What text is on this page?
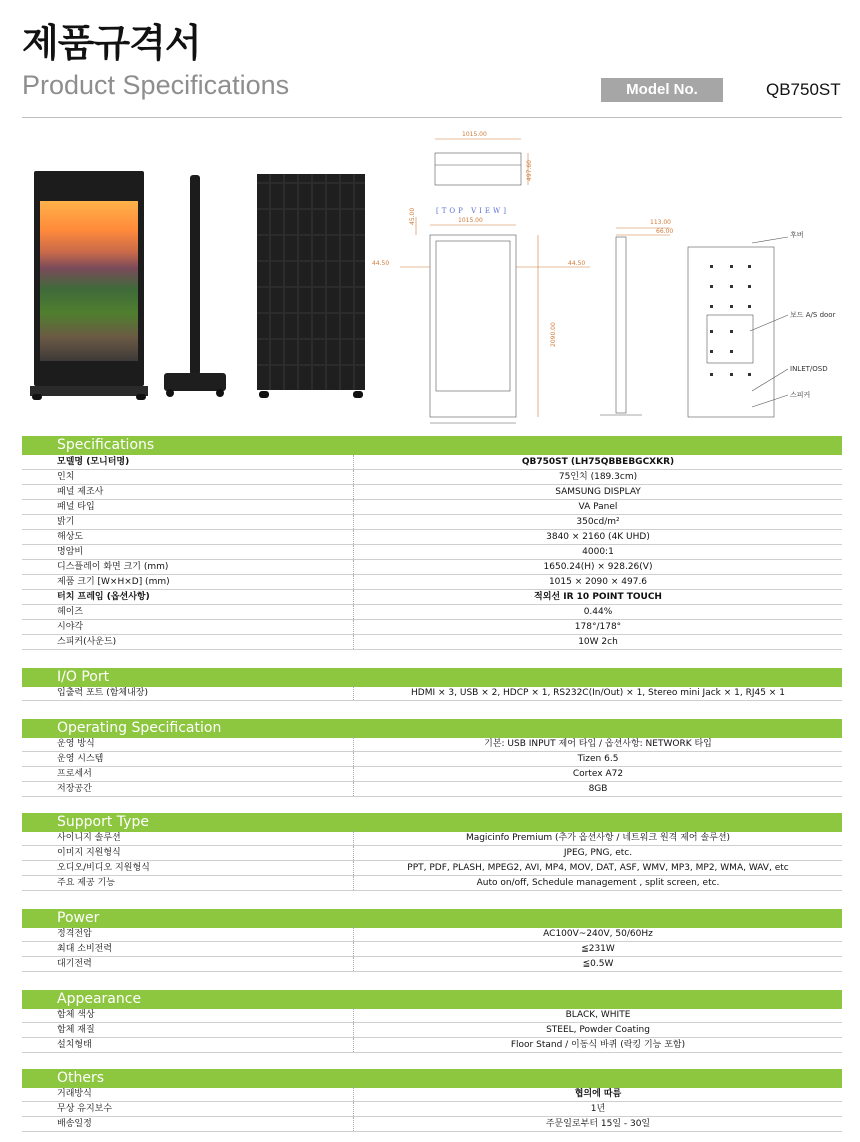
제품규격서
Product Specifications	Model No.	QB750ST
1015.00
497.60
[TOP VIEW]
1015.00
45.00
44.50	44.50
2090.00
113.00
66.00	후버
보드 A/S door
INLET/OSD
스피커
Specifications
모델명 (모니터명)	QB750ST (LH75QBBEBGCXKR)
인치	75인치 (189.3cm)
패널 제조사	SAMSUNG DISPLAY
패널 타입	VA Panel
밝기	350cd/m²
해상도	3840 × 2160 (4K UHD)
명암비	4000:1
디스플레이 화면 크기 (mm)	1650.24(H) × 928.26(V)
제품 크기 [W×H×D] (mm)	1015 × 2090 × 497.6
터치 프레임 (옵션사항)	적외선 IR 10 POINT TOUCH
헤이즈	0.44%
시야각	178°/178°
스피커(사운드)	10W 2ch
I/O Port
입출력 포트 (함체내장)	HDMI × 3, USB × 2, HDCP × 1, RS232C(In/Out) × 1, Stereo mini Jack × 1, RJ45 × 1
Operating Specification
운영 방식	기본: USB INPUT 제어 타입 / 옵션사항: NETWORK 타입
운영 시스템	Tizen 6.5
프로세서	Cortex A72
저장공간	8GB
Support Type
사이니지 솔루션	Magicinfo Premium (추가 옵션사항 / 네트워크 원격 제어 솔루션)
이미지 지원형식	JPEG, PNG, etc.
오디오/비디오 지원형식	PPT, PDF, PLASH, MPEG2, AVI, MP4, MOV, DAT, ASF, WMV, MP3, MP2, WMA, WAV, etc
주요 제공 기능	Auto on/off, Schedule management , split screen, etc.
Power
정격전압	AC100V~240V, 50/60Hz
최대 소비전력	≦231W
대기전력	≦0.5W
Appearance
함체 색상	BLACK, WHITE
함체 재질	STEEL, Powder Coating
설치형태	Floor Stand / 이동식 바퀴 (락킹 기능 포함)
Others
거래방식	협의에 따름
무상 유지보수	1년
배송일정	주문일로부터 15일 - 30일
